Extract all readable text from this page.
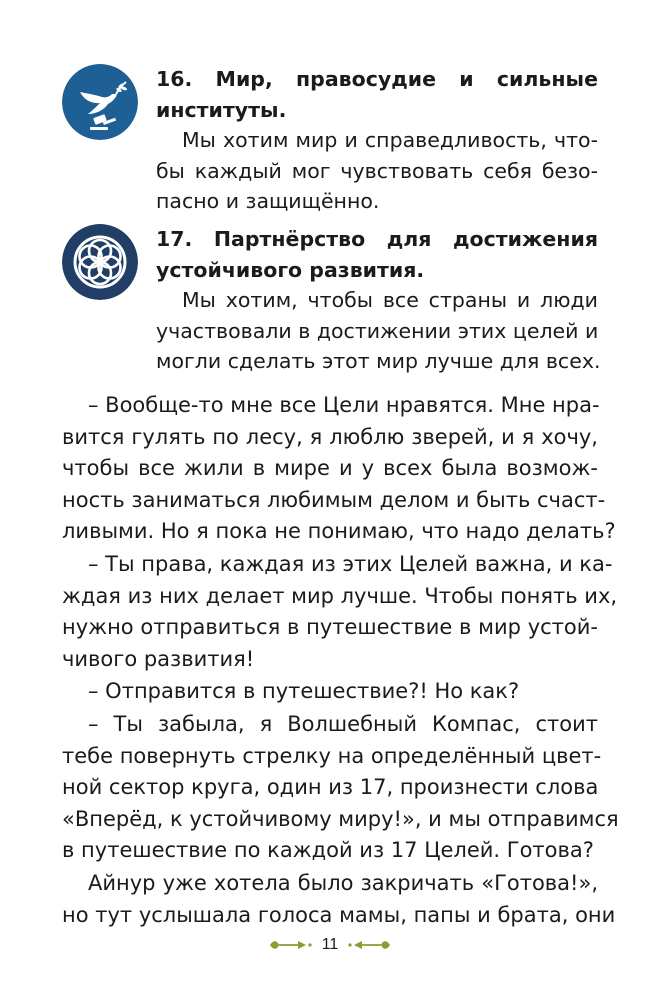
16. Мир, правосудие и сильные
институты.
Мы хотим мир и справедливость, что-
бы каждый мог чувствовать себя безо-
пасно и защищённо.
17. Партнёрство для достижения
устойчивого развития.
Мы хотим, чтобы все страны и люди
участвовали в достижении этих целей и
могли сделать этот мир лучше для всех.
– Вообще-то мне все Цели нравятся. Мне нра-
вится гулять по лесу, я люблю зверей, и я хочу,
чтобы все жили в мире и у всех была возмож-
ность заниматься любимым делом и быть счаст-
ливыми. Но я пока не понимаю, что надо делать?
– Ты права, каждая из этих Целей важна, и ка-
ждая из них делает мир лучше. Чтобы понять их,
нужно отправиться в путешествие в мир устой-
чивого развития!
– Отправится в путешествие?! Но как?
– Ты забыла, я Волшебный Компас, стоит
тебе повернуть стрелку на определённый цвет-
ной сектор круга, один из 17, произнести слова
«Вперёд, к устойчивому миру!», и мы отправимся
в путешествие по каждой из 17 Целей. Готова?
Айнур уже хотела было закричать «Готова!»,
но тут услышала голоса мамы, папы и брата, они
11
